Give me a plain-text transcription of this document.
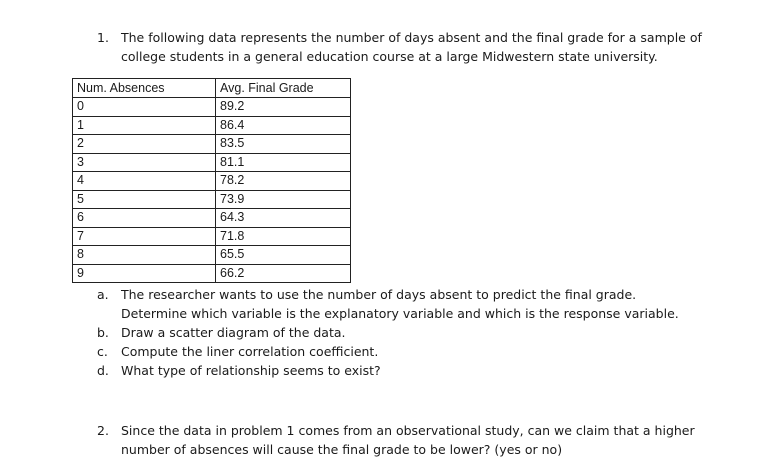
1. The following data represents the number of days absent and the final grade for a sample of
college students in a general education course at a large Midwestern state university.
Num. Absences	Avg. Final Grade
0	89.2
1	86.4
2	83.5
3	81.1
4	78.2
5	73.9
6	64.3
7	71.8
8	65.5
9	66.2
a. The researcher wants to use the number of days absent to predict the final grade.
Determine which variable is the explanatory variable and which is the response variable.
b. Draw a scatter diagram of the data.
c. Compute the liner correlation coefficient.
d. What type of relationship seems to exist?
2. Since the data in problem 1 comes from an observational study, can we claim that a higher
number of absences will cause the final grade to be lower? (yes or no)
